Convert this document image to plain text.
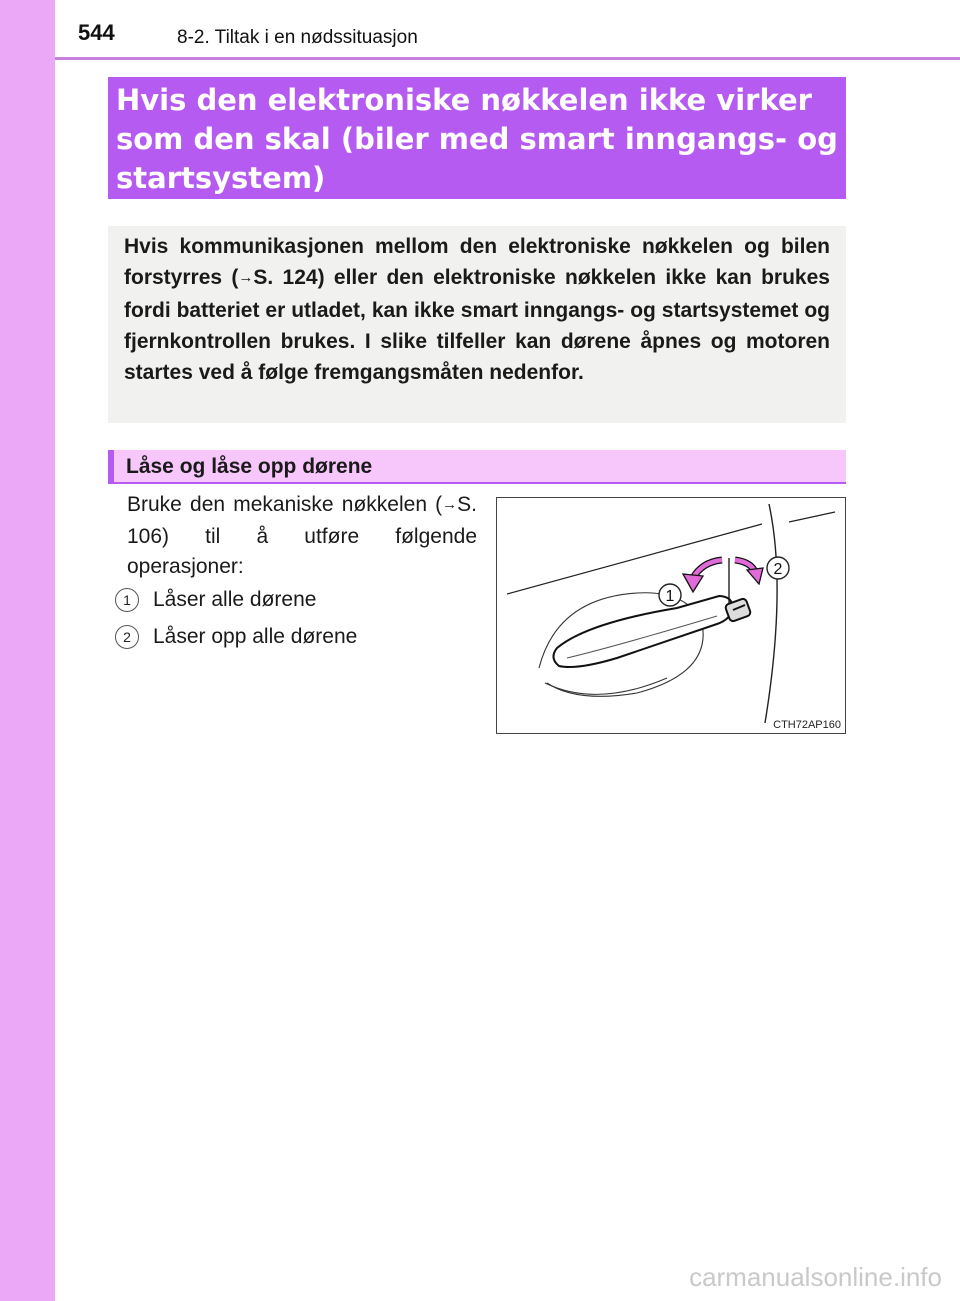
544	8-2. Tiltak i en nødssituasjon

Hvis den elektroniske nøkkelen ikke virker som den skal (biler med smart inngangs- og startsystem)

Hvis kommunikasjonen mellom den elektroniske nøkkelen og bilen forstyrres (→S. 124) eller den elektroniske nøkkelen ikke kan brukes fordi batteriet er utladet, kan ikke smart inngangs- og startsystemet og fjernkontrollen brukes. I slike tilfeller kan dørene åpnes og motoren startes ved å følge fremgangsmåten nedenfor.

Låse og låse opp dørene

Bruke den mekaniske nøkkelen (→S. 106) til å utføre følgende operasjoner:

1	Låser alle dørene
2	Låser opp alle dørene
1
2
CTH72AP160
carmanualsonline.info
